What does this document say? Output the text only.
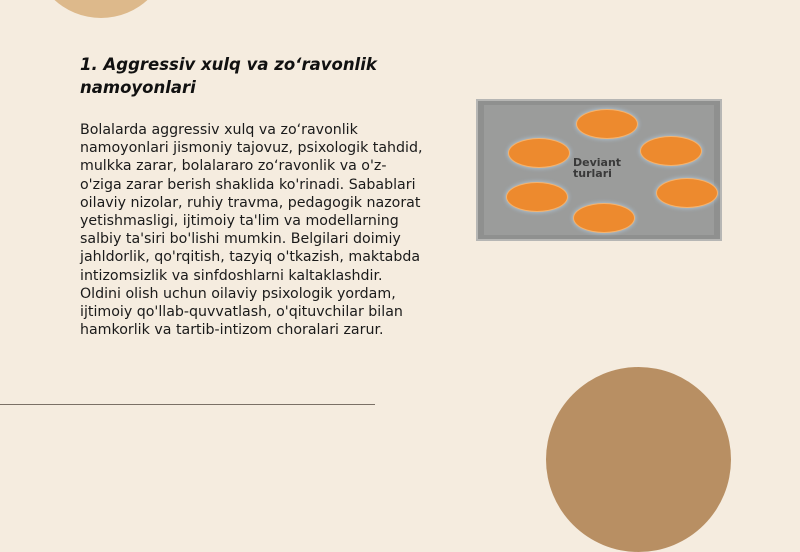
1. Aggressiv xulq va zo‘ravonlik namoyonlari

Bolalarda aggressiv xulq va zo‘ravonlik namoyonlari jismoniy tajovuz, psixologik tahdid, mulkka zarar, bolalararo zo‘ravonlik va o'z-o'ziga zarar berish shaklida ko'rinadi. Sabablari oilaviy nizolar, ruhiy travma, pedagogik nazorat yetishmasligi, ijtimoiy ta'lim va modellarning salbiy ta'siri bo'lishi mumkin. Belgilari doimiy jahldorlik, qo'rqitish, tazyiq o'tkazish, maktabda intizomsizlik va sinfdoshlarni kaltaklashdir. Oldini olish uchun oilaviy psixologik yordam, ijtimoiy qo'llab-quvvatlash, o'qituvchilar bilan hamkorlik va tartib-intizom choralari zarur.

Deviant
turlari
